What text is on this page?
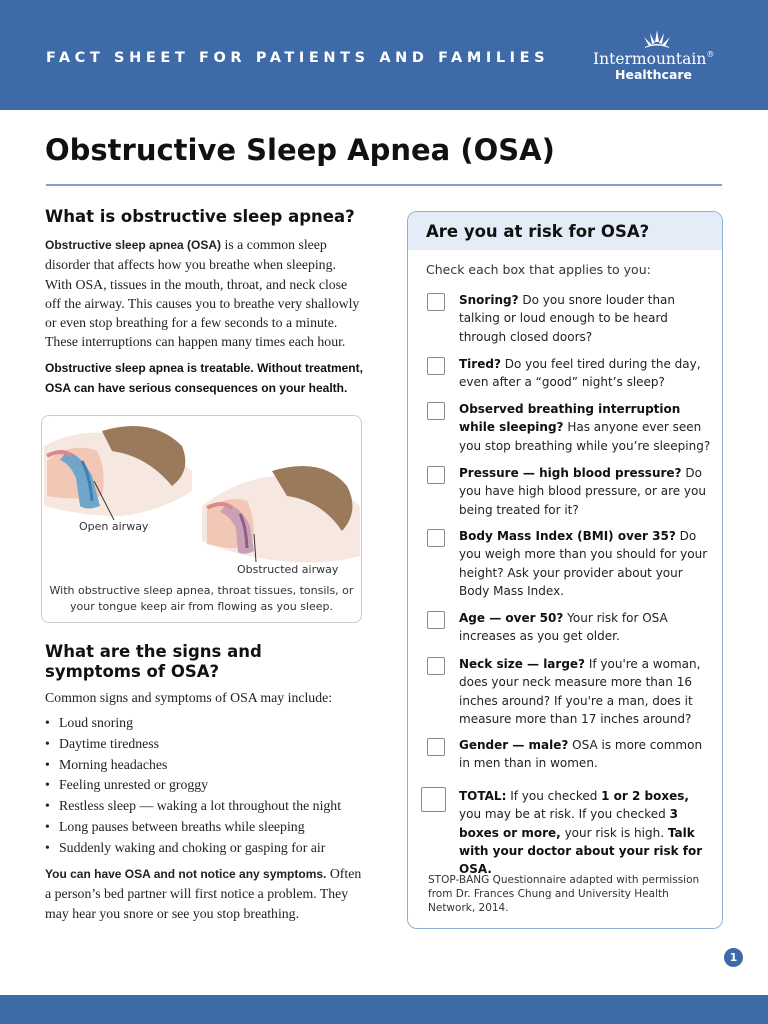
FACT SHEET FOR PATIENTS AND FAMILIES	Intermountain®
Healthcare
Obstructive Sleep Apnea (OSA)
What is obstructive sleep apnea?

Obstructive sleep apnea (OSA) is a common sleep disorder that affects how you breathe when sleeping. With OSA, tissues in the mouth, throat, and neck close off the airway. This causes you to breathe very shallowly or even stop breathing for a few seconds to a minute. These interruptions can happen many times each hour.

Obstructive sleep apnea is treatable. Without treatment, OSA can have serious consequences on your health.

Open airway
Obstructed airway
With obstructive sleep apnea, throat tissues, tonsils, or your tongue keep air from flowing as you sleep.
What are the signs and symptoms of OSA?

Common signs and symptoms of OSA may include:

• Loud snoring
• Daytime tiredness
• Morning headaches
• Feeling unrested or groggy
• Restless sleep — waking a lot throughout the night
• Long pauses between breaths while sleeping
• Suddenly waking and choking or gasping for air

You can have OSA and not notice any symptoms. Often a person’s bed partner will first notice a problem. They may hear you snore or see you stop breathing.

Are you at risk for OSA?
Check each box that applies to you:
Snoring? Do you snore louder than talking or loud enough to be heard through closed doors?
Tired? Do you feel tired during the day, even after a “good” night’s sleep?
Observed breathing interruption while sleeping? Has anyone ever seen you stop breathing while you’re sleeping?
Pressure — high blood pressure? Do you have high blood pressure, or are you being treated for it?
Body Mass Index (BMI) over 35? Do you weigh more than you should for your height? Ask your provider about your Body Mass Index.
Age — over 50? Your risk for OSA increases as you get older.
Neck size — large? If you're a woman, does your neck measure more than 16 inches around? If you're a man, does it measure more than 17 inches around?
Gender — male? OSA is more common in men than in women.
TOTAL: If you checked 1 or 2 boxes, you may be at risk. If you checked 3 boxes or more, your risk is high. Talk with your doctor about your risk for OSA.
STOP-BANG Questionnaire adapted with permission from Dr. Frances Chung and University Health Network, 2014.
1
